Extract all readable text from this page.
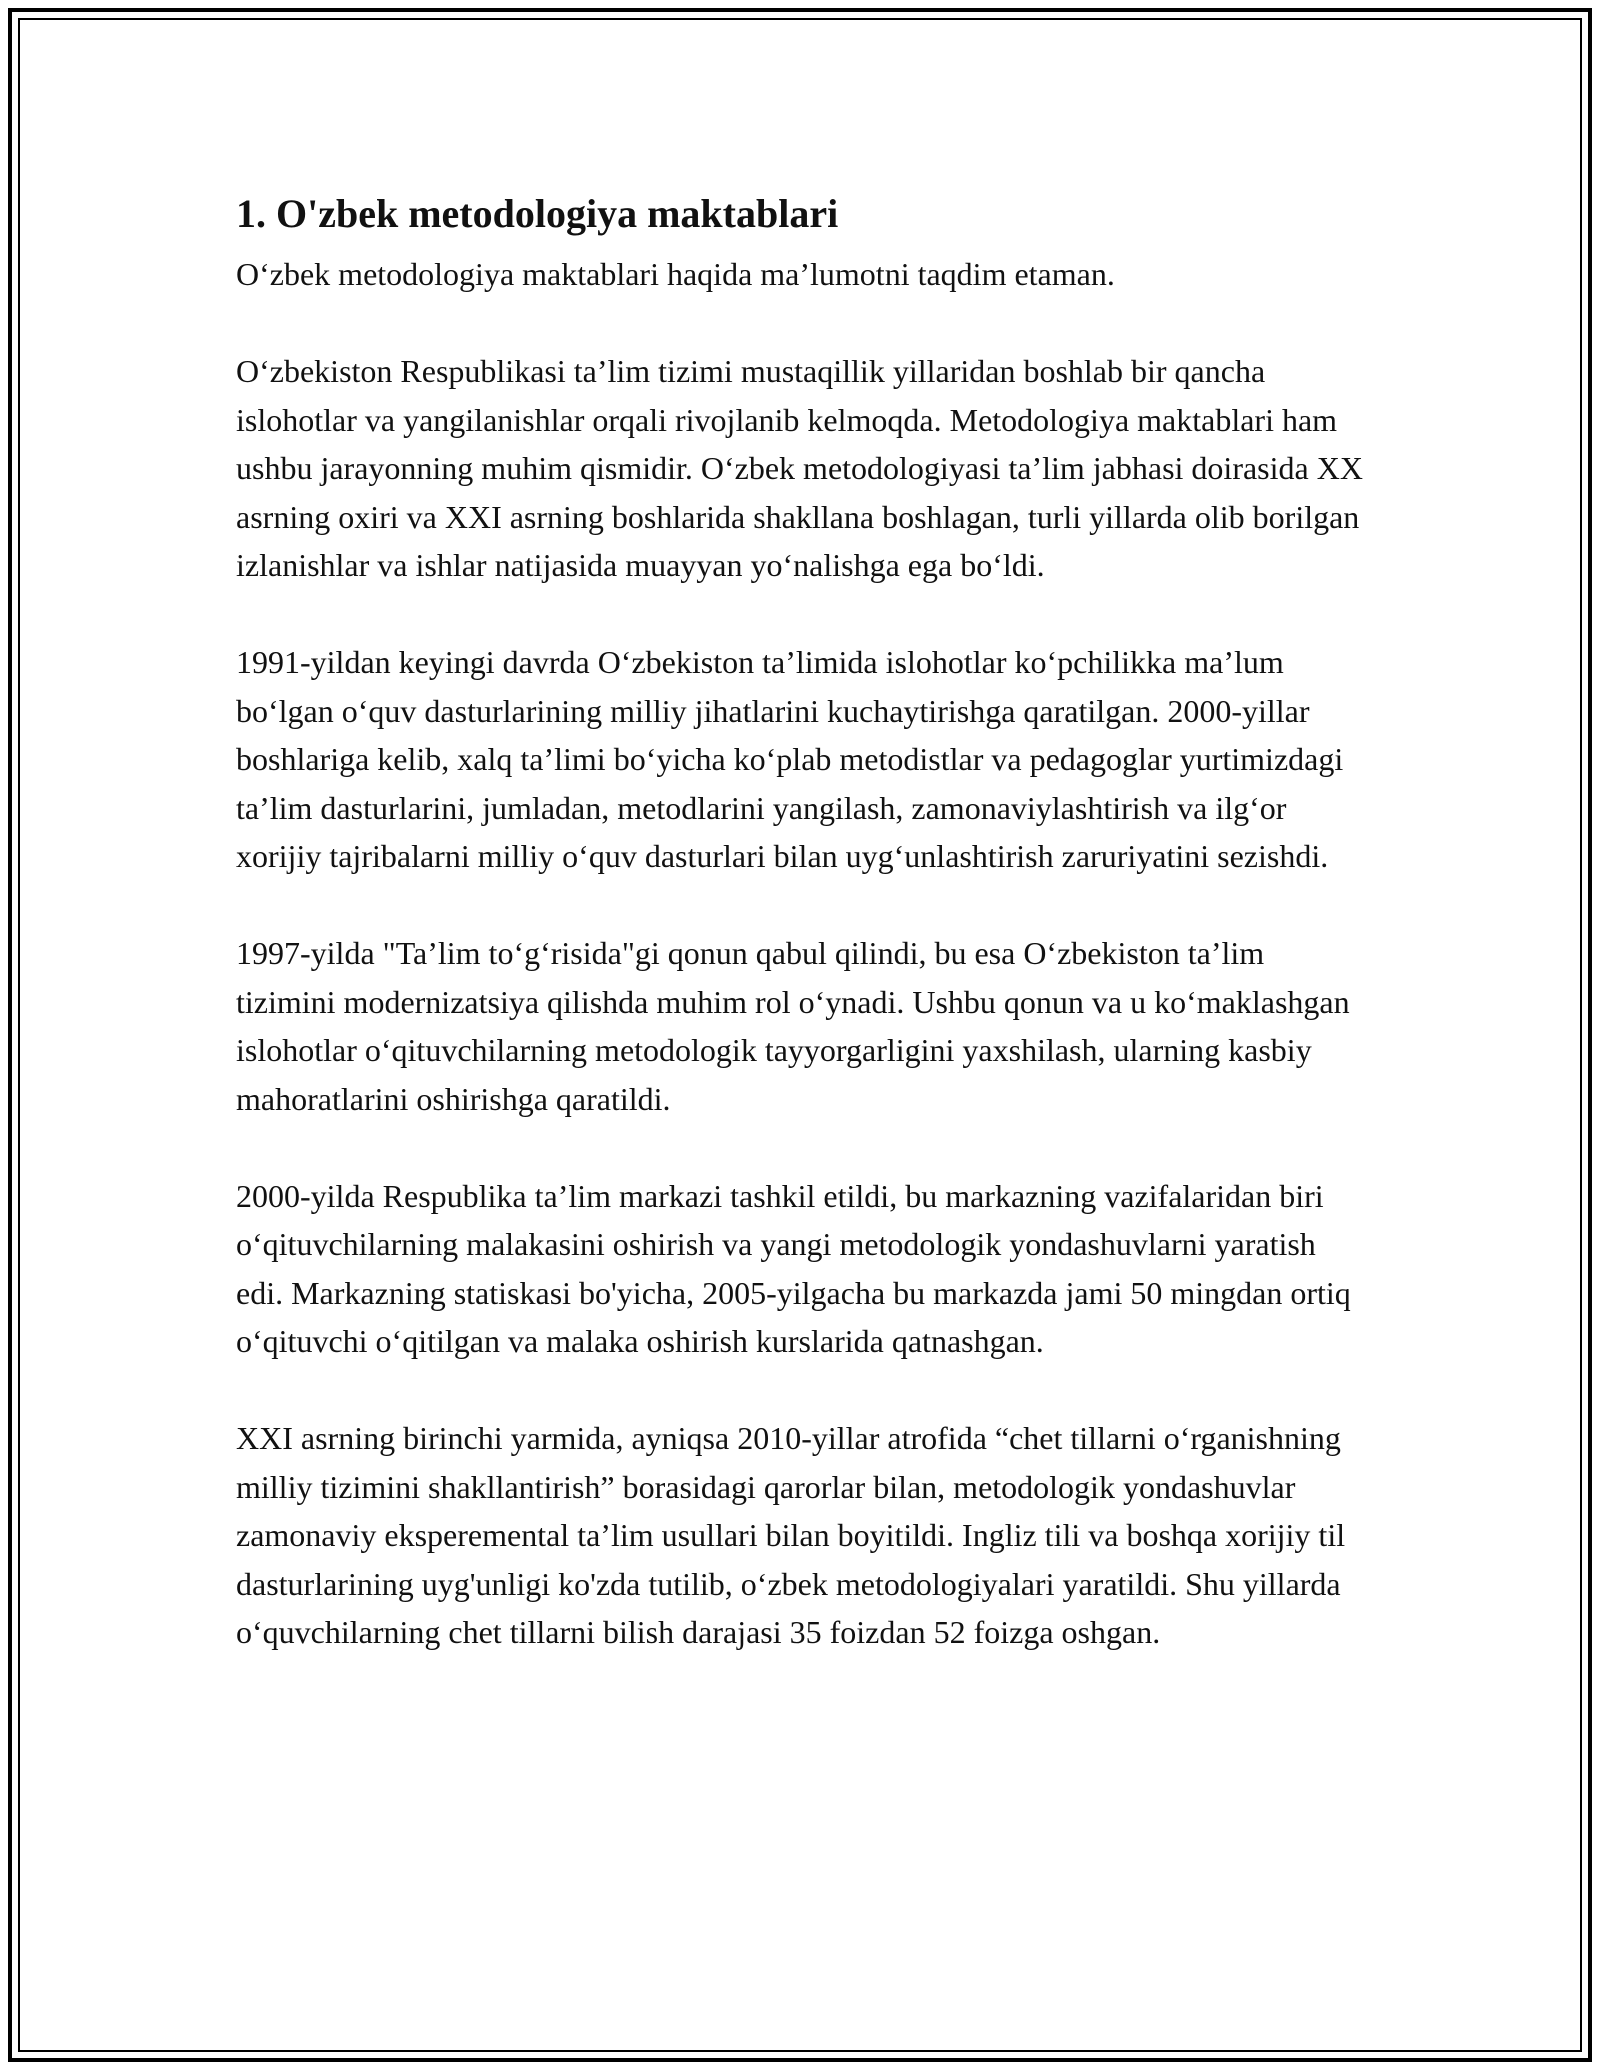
1. O'zbek metodologiya maktablari

O‘zbek metodologiya maktablari haqida ma’lumotni taqdim etaman.

O‘zbekiston Respublikasi ta’lim tizimi mustaqillik yillaridan boshlab bir qancha islohotlar va yangilanishlar orqali rivojlanib kelmoqda. Metodologiya maktablari ham ushbu jarayonning muhim qismidir. O‘zbek metodologiyasi ta’lim jabhasi doirasida XX asrning oxiri va XXI asrning boshlarida shakllana boshlagan, turli yillarda olib borilgan izlanishlar va ishlar natijasida muayyan yo‘nalishga ega bo‘ldi.

1991-yildan keyingi davrda O‘zbekiston ta’limida islohotlar ko‘pchilikka ma’lum bo‘lgan o‘quv dasturlarining milliy jihatlarini kuchaytirishga qaratilgan. 2000-yillar boshlariga kelib, xalq ta’limi bo‘yicha ko‘plab metodistlar va pedagoglar yurtimizdagi ta’lim dasturlarini, jumladan, metodlarini yangilash, zamonaviylashtirish va ilg‘or xorijiy tajribalarni milliy o‘quv dasturlari bilan uyg‘unlashtirish zaruriyatini sezishdi.

1997-yilda "Ta’lim to‘g‘risida"gi qonun qabul qilindi, bu esa O‘zbekiston ta’lim tizimini modernizatsiya qilishda muhim rol o‘ynadi. Ushbu qonun va u ko‘maklashgan islohotlar o‘qituvchilarning metodologik tayyorgarligini yaxshilash, ularning kasbiy mahoratlarini oshirishga qaratildi.

2000-yilda Respublika ta’lim markazi tashkil etildi, bu markazning vazifalaridan biri o‘qituvchilarning malakasini oshirish va yangi metodologik yondashuvlarni yaratish edi. Markazning statiskasi bo'yicha, 2005-yilgacha bu markazda jami 50 mingdan ortiq o‘qituvchi o‘qitilgan va malaka oshirish kurslarida qatnashgan.

XXI asrning birinchi yarmida, ayniqsa 2010-yillar atrofida “chet tillarni o‘rganishning milliy tizimini shakllantirish” borasidagi qarorlar bilan, metodologik yondashuvlar zamonaviy eksperemental ta’lim usullari bilan boyitildi. Ingliz tili va boshqa xorijiy til dasturlarining uyg'unligi ko'zda tutilib, o‘zbek metodologiyalari yaratildi. Shu yillarda o‘quvchilarning chet tillarni bilish darajasi 35 foizdan 52 foizga oshgan.
